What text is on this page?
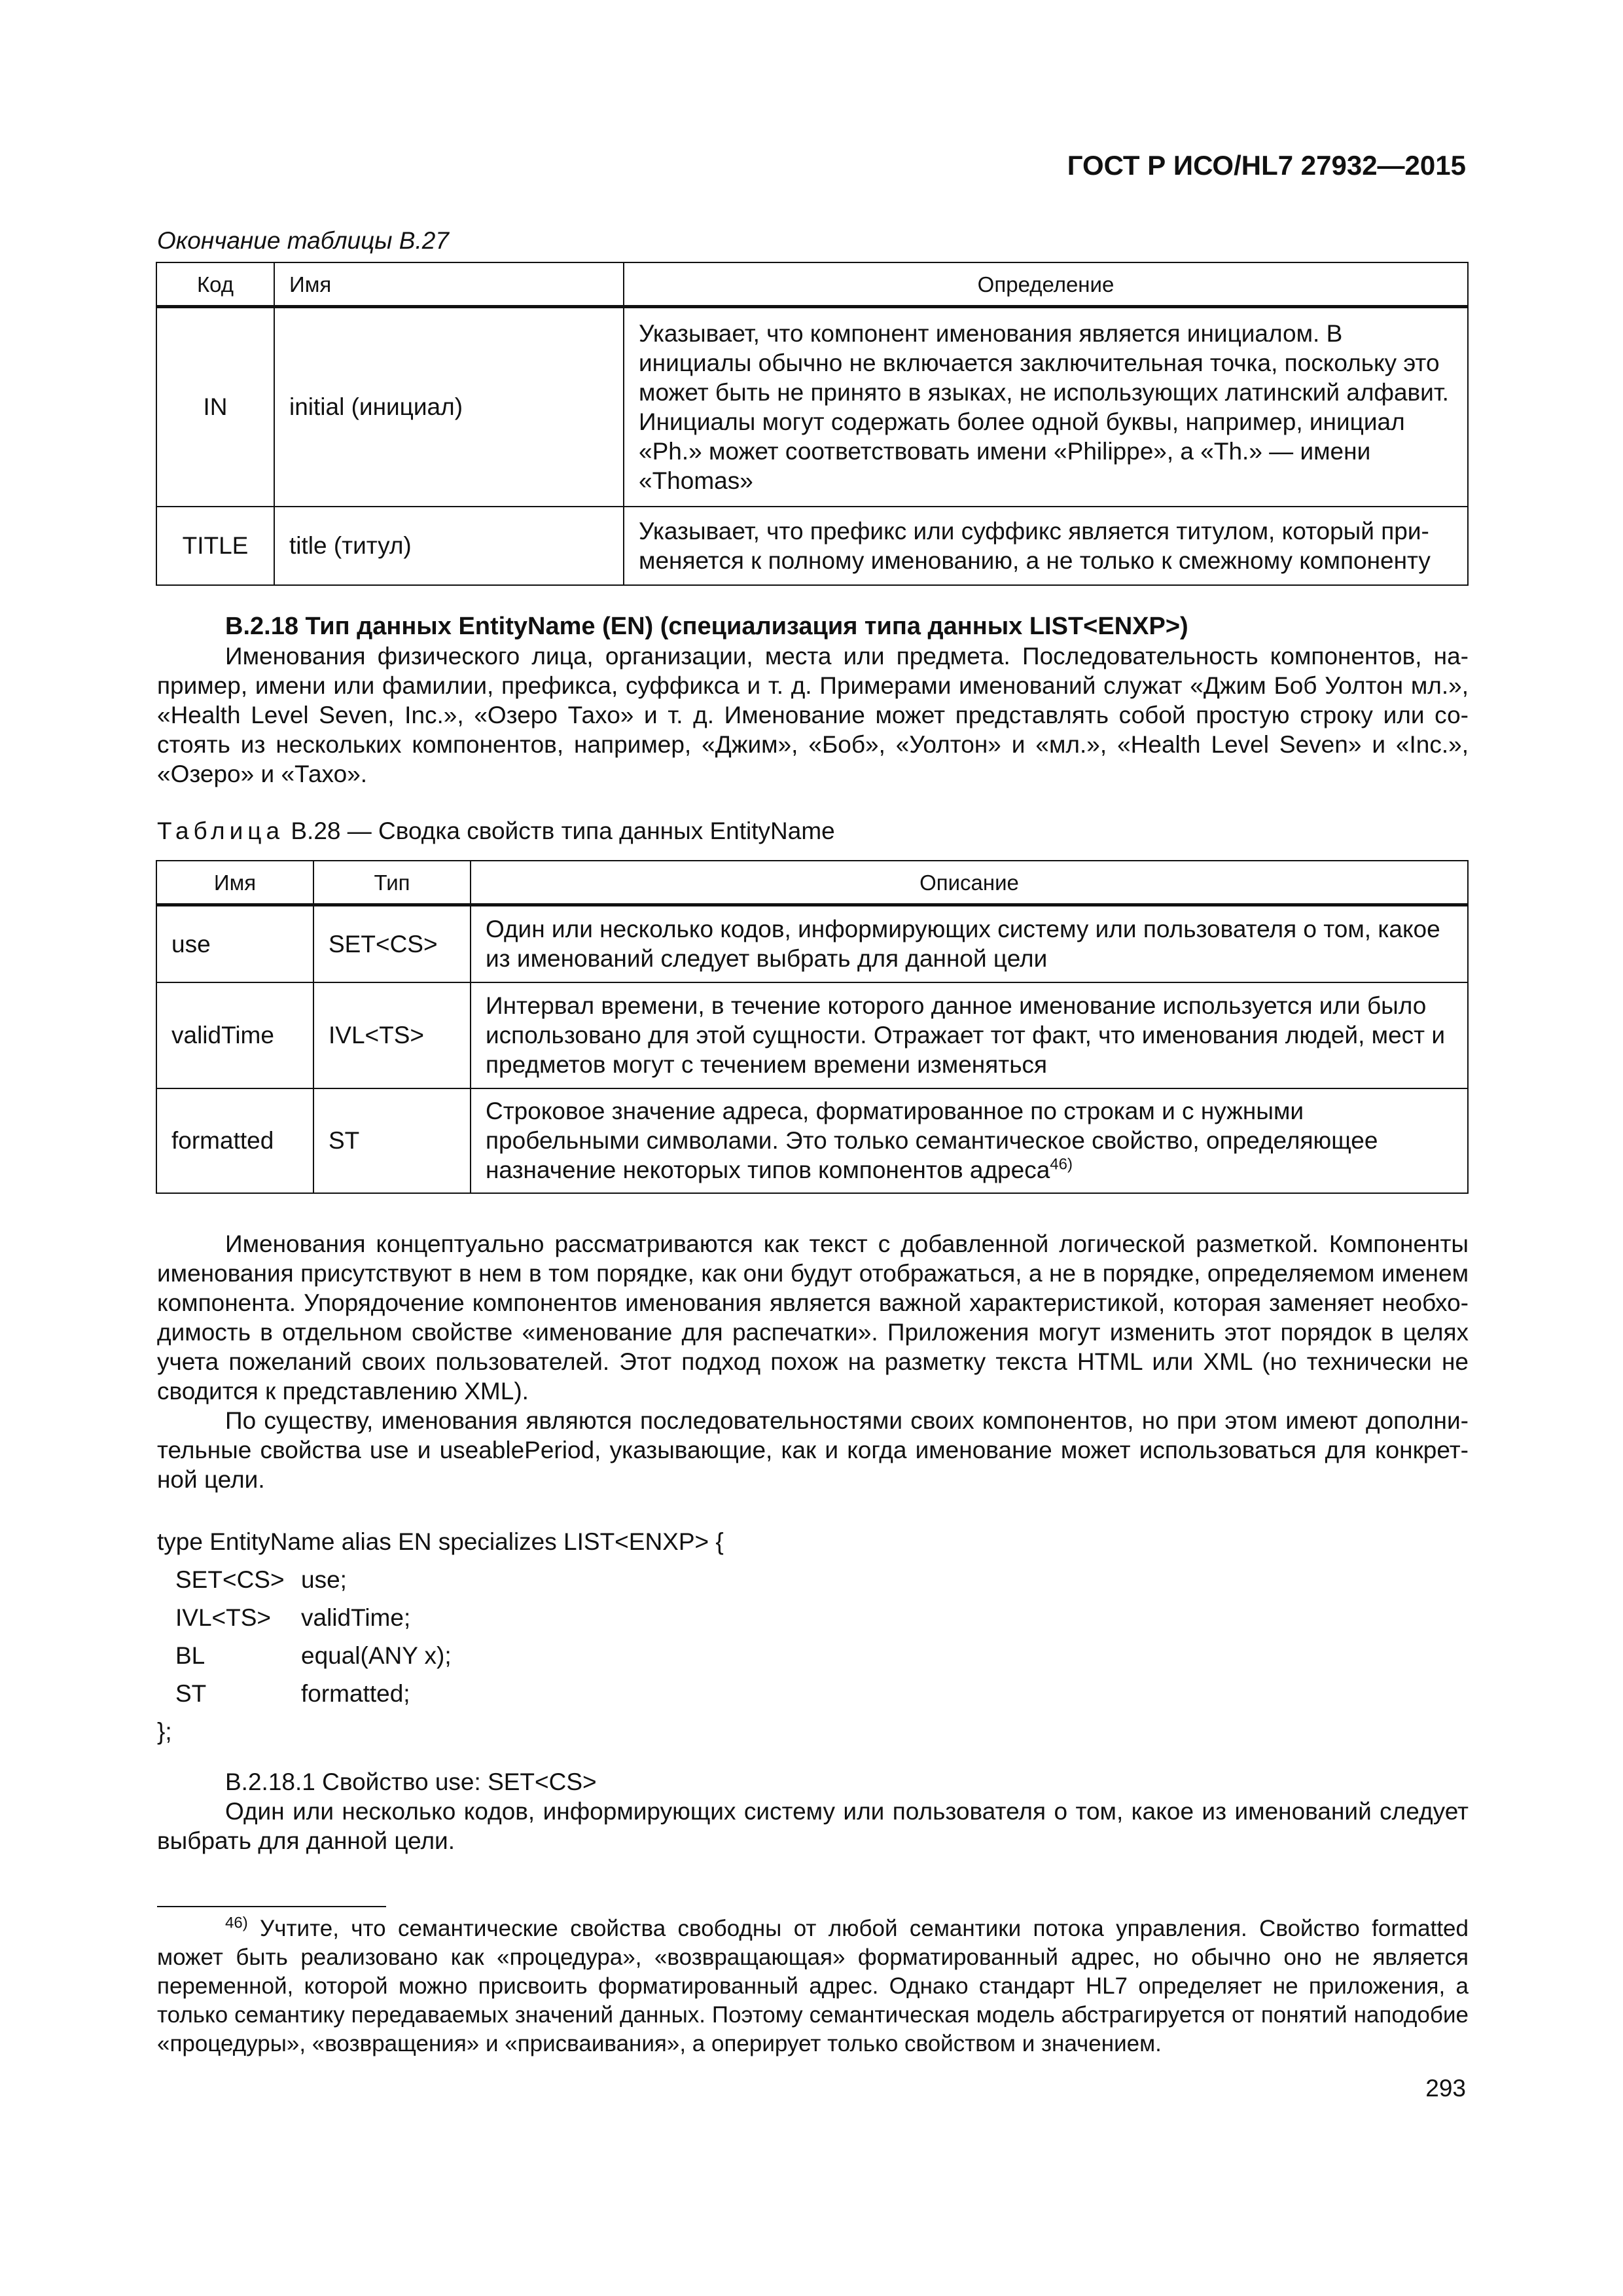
ГОСТ Р ИСО/HL7 27932—2015
Окончание таблицы В.27
Код	Имя	Определение
IN	initial (инициал)	Указывает, что компонент именования является инициалом. В инициалы обычно не включается заключительная точка, поскольку это может быть не принято в языках, не использующих латинский алфавит. Инициалы могут содержать более одной буквы, например, инициал «Ph.» может соответствовать имени «Philippe», а «Th.» — имени «Thomas»
TITLE	title (титул)	Указывает, что префикс или суффикс является титулом, который применяется к полному именованию, а не только к смежному компоненту
В.2.18 Тип данных EntityName (EN) (специализация типа данных LIST<ENXP>)

Именования физического лица, организации, места или предмета. Последовательность компонентов, например, имени или фамилии, префикса, суффикса и т. д. Примерами именований служат «Джим Боб Уолтон мл.», «Health Level Seven, Inc.», «Озеро Тахо» и т. д. Именование может представлять собой простую строку или состоять из нескольких компонентов, например, «Джим», «Боб», «Уолтон» и «мл.», «Health Level Seven» и «Inc.», «Озеро» и «Тахо».

Таблица В.28 — Сводка свойств типа данных EntityName
Имя	Тип	Описание
use	SET<CS>	Один или несколько кодов, информирующих систему или пользователя о том, какое из именований следует выбрать для данной цели
validTime	IVL<TS>	Интервал времени, в течение которого данное именование используется или было использовано для этой сущности. Отражает тот факт, что именования людей, мест и предметов могут с течением времени изменяться
formatted	ST	Строковое значение адреса, форматированное по строкам и с нужными пробельными символами. Это только семантическое свойство, определяющее назначение некоторых типов компонентов адреса$^{46)}$

Именования концептуально рассматриваются как текст с добавленной логической разметкой. Компоненты именования присутствуют в нем в том порядке, как они будут отображаться, а не в порядке, определяемом именем компонента. Упорядочение компонентов именования является важной характеристикой, которая заменяет необходимость в отдельном свойстве «именование для распечатки». Приложения могут изменить этот порядок в целях учета пожеланий своих пользователей. Этот подход похож на разметку текста HTML или XML (но технически не сводится к представлению XML).

По существу, именования являются последовательностями своих компонентов, но при этом имеют дополнительные свойства use и useablePeriod, указывающие, как и когда именование может использоваться для конкретной цели.

type EntityName alias EN specializes LIST<ENXP> {
SET<CS> use;
IVL<TS> validTime;
BL	equal(ANY x);
ST	formatted;
};
В.2.18.1 Свойство use: SET<CS>

Один или несколько кодов, информирующих систему или пользователя о том, какое из именований следует выбрать для данной цели.

$^{46)}$ Учтите, что семантические свойства свободны от любой семантики потока управления. Свойство formatted может быть реализовано как «процедура», «возвращающая» форматированный адрес, но обычно оно не является переменной, которой можно присвоить форматированный адрес. Однако стандарт HL7 определяет не приложения, а только семантику передаваемых значений данных. Поэтому семантическая модель абстрагируется от понятий наподобие «процедуры», «возвращения» и «присваивания», а оперирует только свойством и значением.

293
